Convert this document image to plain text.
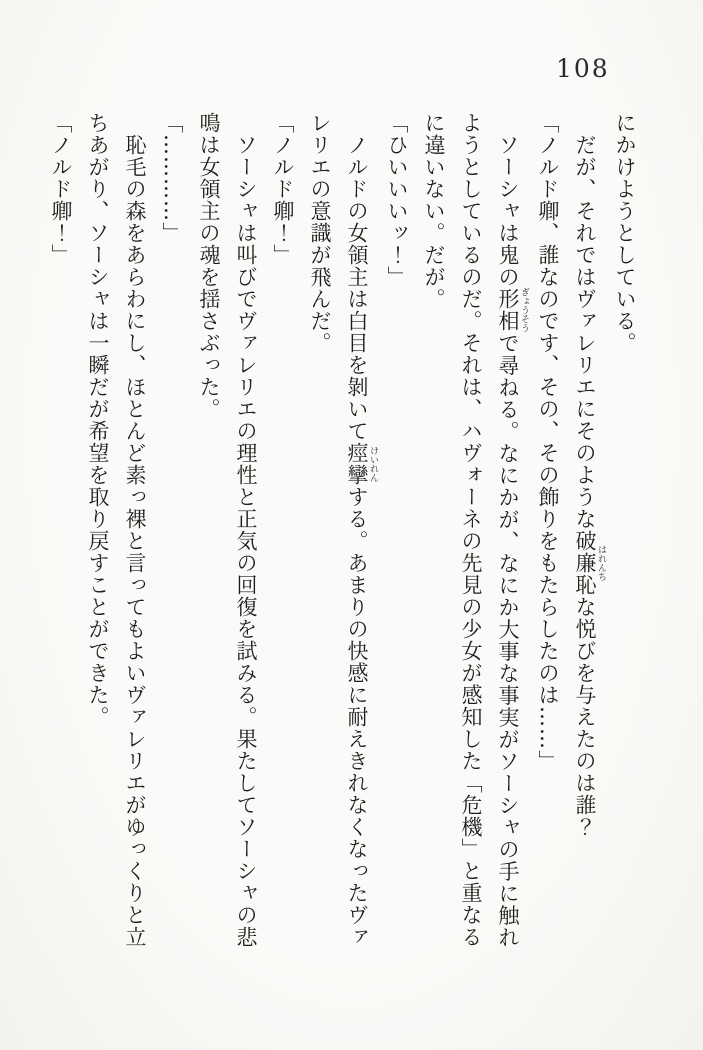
108

にかけようとしている。

だが、それではヴァレリエにそのような破廉恥 はれんちな悦びを与えたのは誰？

「ノルド卿、誰なのです、その、その飾りをもたらしたのは……」

ソーシャは鬼の形相 ぎょうそうで尋ねる。なにかが、なにか大事な事実がソーシャの手に触れようとしているのだ。それは、ハヴォーネの先見の少女が感知した「危機」と重なるに違いない。だが。

「ひいいいッ！」

ノルドの女領主は白目を剝いて痙攣 けいれんする。あまりの快感に耐えきれなくなったヴァレリエの意識が飛んだ。

「ノルド卿！」

ソーシャは叫びでヴァレリエの理性と正気の回復を試みる。果たしてソーシャの悲鳴は女領主の魂を揺さぶった。

「…………」

恥毛の森をあらわにし、ほとんど素っ裸と言ってもよいヴァレリエがゆっくりと立ちあがり、ソーシャは一瞬だが希望を取り戻すことができた。

「ノルド卿！」
